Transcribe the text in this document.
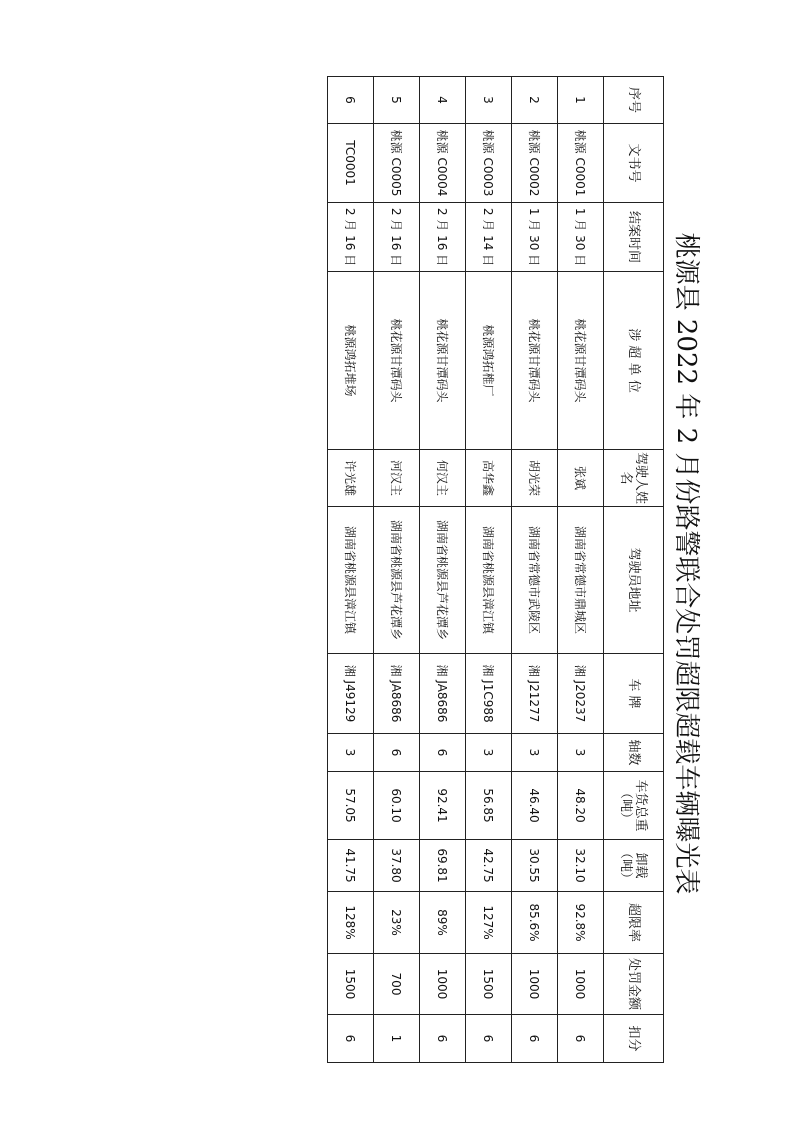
桃源县 2022 年 2 月份路警联合处罚超限超载车辆曝光表
序号	文书号	结案时间	涉 超 单 位	驾驶人姓名	驾驶员地址	车 牌	轴数	车货总重（吨）	卸载（吨）	超限率	处罚金额	扣分
1	桃源 C0001	1 月 30 日	桃花源甘潭码头	张斌	湖南省常德市鼎城区	湘 J20237	3	48.20	32.10	92.8%	1000	6
2	桃源 C0002	1 月 30 日	桃花源甘潭码头	胡光荣	湖南省常德市武陵区	湘 J21277	3	46.40	30.55	85.6%	1000	6
3	桃源 C0003	2 月 14 日	桃源鸿拓椎厂	高华鑫	湖南省桃源县漳江镇	湘 J1C988	3	56.85	42.75	127%	1500	6
4	桃源 C0004	2 月 16 日	桃花源甘潭码头	何汉主	湖南省桃源县芦花潭乡	湘 JA8686	6	92.41	69.81	89%	1000	6
5	桃源 C0005	2 月 16 日	桃花源甘潭码头	河汉主	湖南省桃源县芦花潭乡	湘 JA8686	6	60.10	37.80	23%	700	1
6	TC0001	2 月 16 日	桃源鸿拓堆场	许光雄	湖南省桃源县漳江镇	湘 J49129	3	57.05	41.75	128%	1500	6
